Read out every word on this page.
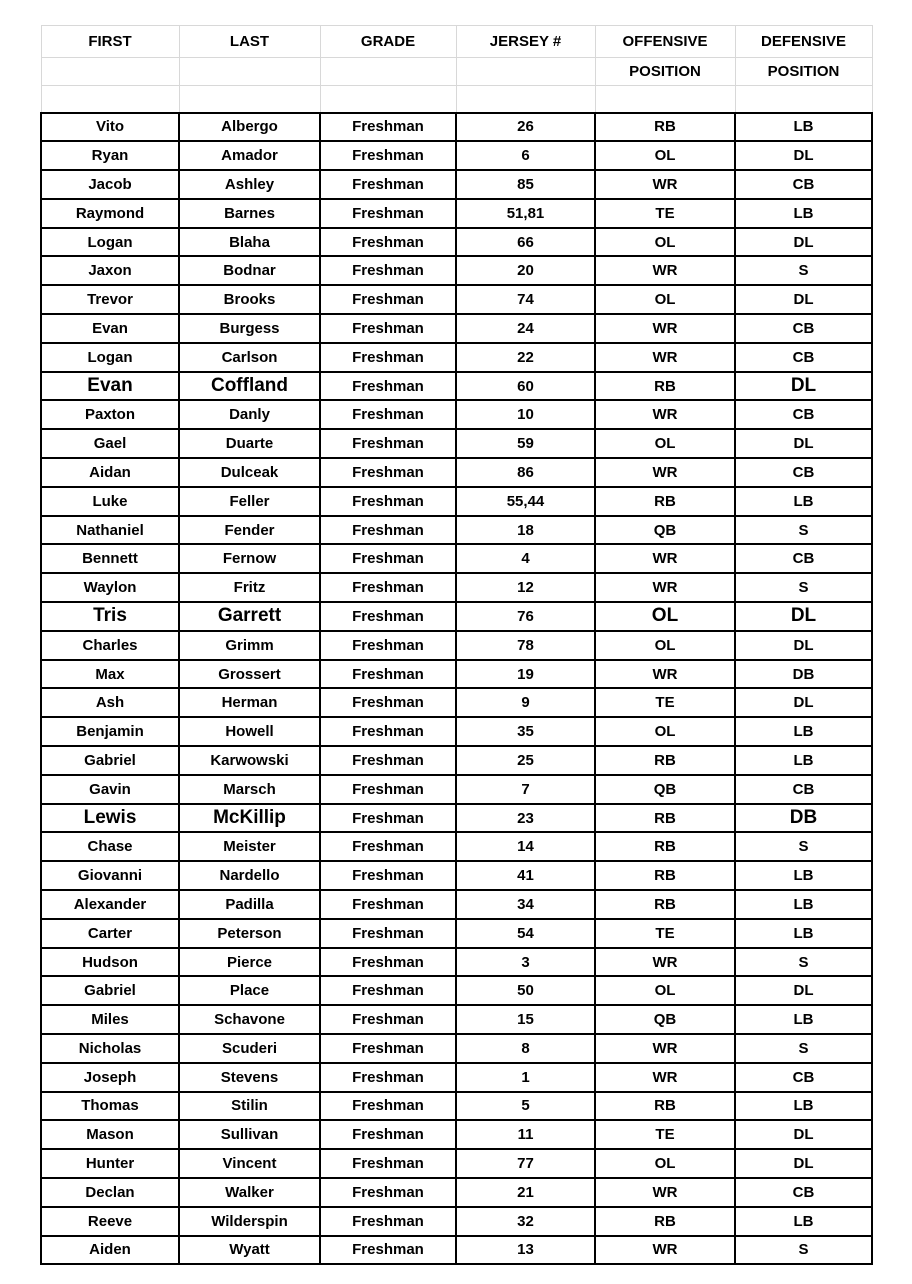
FIRST	LAST	GRADE	JERSEY #	OFFENSIVE	DEFENSIVE
				POSITION	POSITION

Vito	Albergo	Freshman	26	RB	LB
Ryan	Amador	Freshman	6	OL	DL
Jacob	Ashley	Freshman	85	WR	CB
Raymond	Barnes	Freshman	51,81	TE	LB
Logan	Blaha	Freshman	66	OL	DL
Jaxon	Bodnar	Freshman	20	WR	S
Trevor	Brooks	Freshman	74	OL	DL
Evan	Burgess	Freshman	24	WR	CB
Logan	Carlson	Freshman	22	WR	CB
Evan	Coffland	Freshman	60	RB	DL
Paxton	Danly	Freshman	10	WR	CB
Gael	Duarte	Freshman	59	OL	DL
Aidan	Dulceak	Freshman	86	WR	CB
Luke	Feller	Freshman	55,44	RB	LB
Nathaniel	Fender	Freshman	18	QB	S
Bennett	Fernow	Freshman	4	WR	CB
Waylon	Fritz	Freshman	12	WR	S
Tris	Garrett	Freshman	76	OL	DL
Charles	Grimm	Freshman	78	OL	DL
Max	Grossert	Freshman	19	WR	DB
Ash	Herman	Freshman	9	TE	DL
Benjamin	Howell	Freshman	35	OL	LB
Gabriel	Karwowski	Freshman	25	RB	LB
Gavin	Marsch	Freshman	7	QB	CB
Lewis	McKillip	Freshman	23	RB	DB
Chase	Meister	Freshman	14	RB	S
Giovanni	Nardello	Freshman	41	RB	LB
Alexander	Padilla	Freshman	34	RB	LB
Carter	Peterson	Freshman	54	TE	LB
Hudson	Pierce	Freshman	3	WR	S
Gabriel	Place	Freshman	50	OL	DL
Miles	Schavone	Freshman	15	QB	LB
Nicholas	Scuderi	Freshman	8	WR	S
Joseph	Stevens	Freshman	1	WR	CB
Thomas	Stilin	Freshman	5	RB	LB
Mason	Sullivan	Freshman	11	TE	DL
Hunter	Vincent	Freshman	77	OL	DL
Declan	Walker	Freshman	21	WR	CB
Reeve	Wilderspin	Freshman	32	RB	LB
Aiden	Wyatt	Freshman	13	WR	S
